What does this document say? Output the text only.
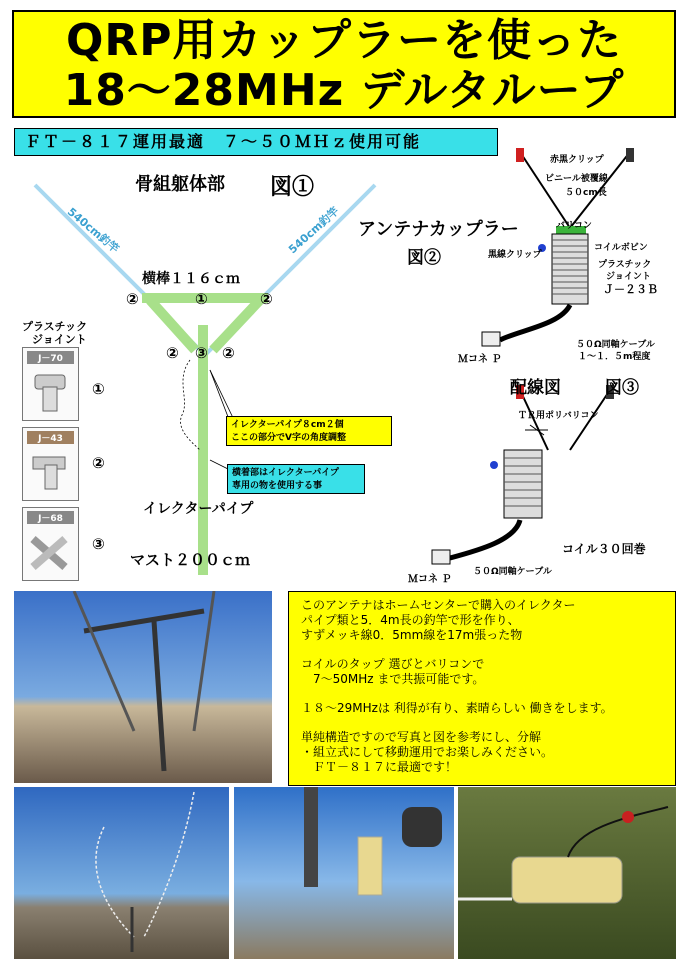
QRP用カップラーを使った
18～28MHz デルタループ
ＦＴ－８１７運用最適　７～５０ＭＨｚ使用可能
骨組躯体部 図①
540cm釣竿	540cm釣竿
横棒１１６ｃｍ
②	①	②
② ③ ②
イレクターパイプ８cm２個
ここの部分でV字の角度調整
横着部はイレクターパイプ
専用の物を使用する事
イレクターパイプ
マスト２００ｃｍ
プラスチック
ジョイント
J－70
①
J－43
②
J－68
③
赤黒クリップ
ビニール被覆線
５０cm長
アンテナカップラー
図②
バリコン
コイルボビン
黒線クリップ
プラスチック
ジョイント
Ｊ－２３Ｂ
５０Ω同軸ケーブル
１～１．５m程度
Ｍコネ Ｐ
配線図	図③
ＴＲ用ポリバリコン
コイル３０回巻
５０Ω同軸ケーブル
Ｍコネ Ｐ

このアンテナはホームセンターで購入のイレクター
パイプ類と5．4m長の釣竿で形を作り、
すずメッキ線0．5mm線を17m張った物

コイルのタップ 選びとバリコンで
　7～50MHz まで共振可能です。

１８～29MHzは 利得が有り、素晴らしい 働きをします。

単純構造ですので写真と図を参考にし、分解
・組立式にして移動運用でお楽しみください。
　ＦＴ－８１７に最適です！
